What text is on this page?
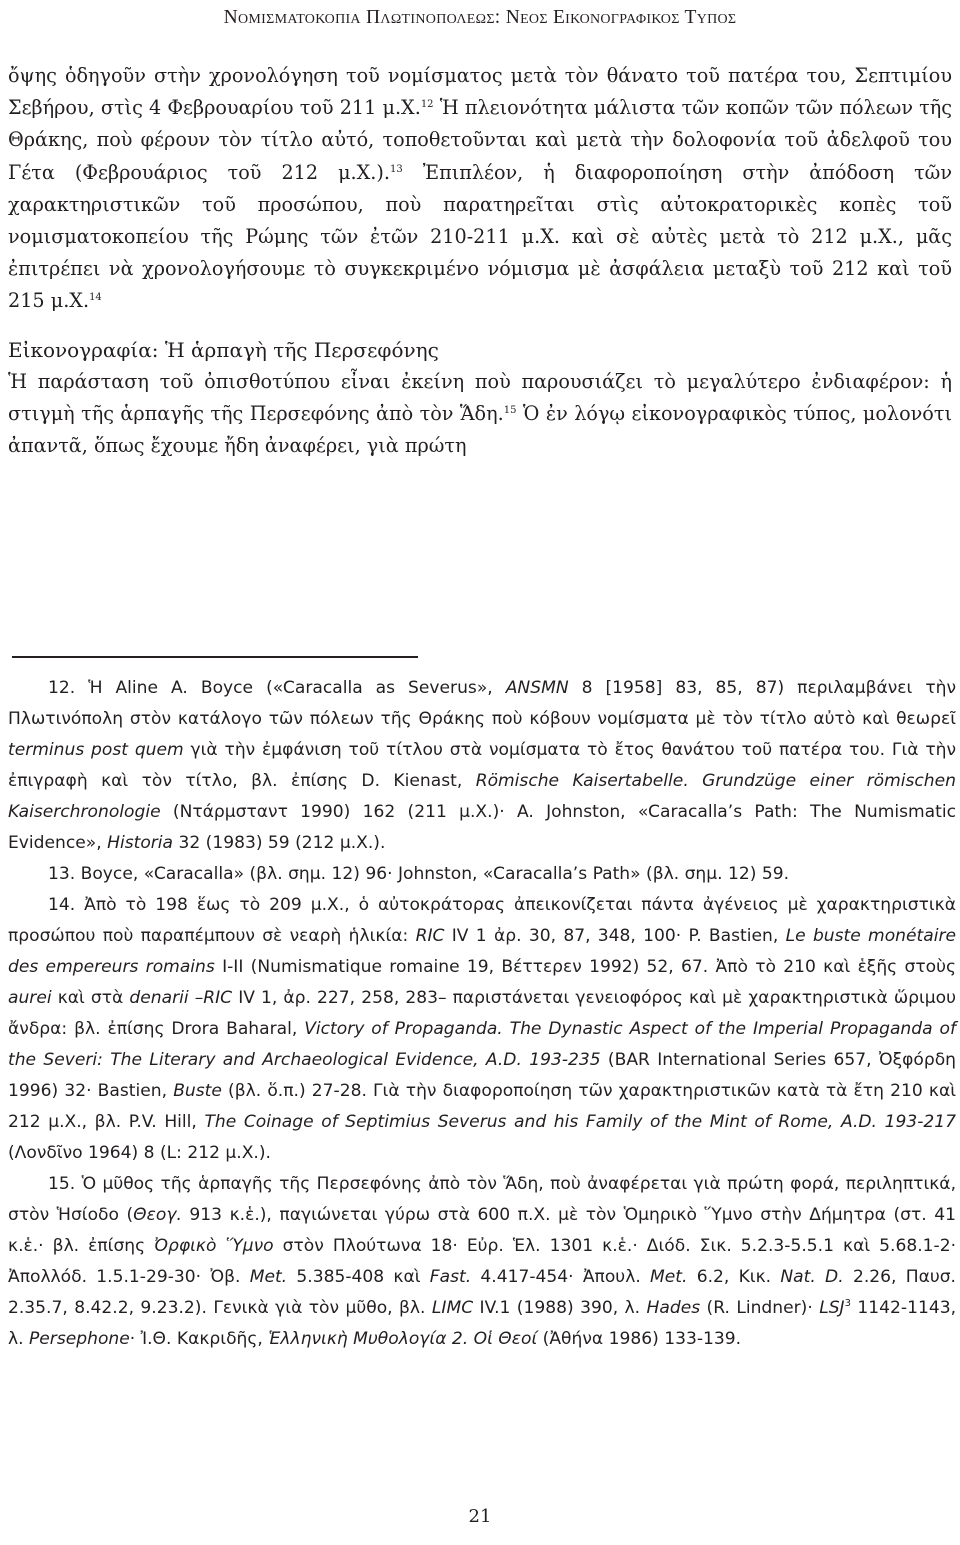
Νομισματοκοπια Πλωτινοπολεως: Νεος Εικονογραφικος Τυπος

ὄψης ὁδηγοῦν στὴν χρονολόγηση τοῦ νομίσματος μετὰ τὸν θάνατο τοῦ πατέρα του, Σεπτιμίου Σεβήρου, στὶς 4 Φεβρουαρίου τοῦ 211 μ.Χ.$^{12}$ Ἡ πλειονότητα μάλιστα τῶν κοπῶν τῶν πόλεων τῆς Θράκης, ποὺ φέρουν τὸν τίτλο αὐτό, τοποθετοῦνται καὶ μετὰ τὴν δολοφονία τοῦ ἀδελφοῦ του Γέτα (Φεβρουάριος τοῦ 212 μ.Χ.).$^{13}$ Ἐπιπλέον, ἡ διαφοροποίηση στὴν ἀπόδοση τῶν χαρακτηριστικῶν τοῦ προσώπου, ποὺ παρατηρεῖται στὶς αὐτοκρατορικὲς κοπὲς τοῦ νομισματοκοπείου τῆς Ρώμης τῶν ἐτῶν 210-211 μ.Χ. καὶ σὲ αὐτὲς μετὰ τὸ 212 μ.Χ., μᾶς ἐπιτρέπει νὰ χρονολογήσουμε τὸ συγκεκριμένο νόμισμα μὲ ἀσφάλεια μεταξὺ τοῦ 212 καὶ τοῦ 215 μ.Χ.$^{14}$

Εἰκονογραφία: Ἡ ἁρπαγὴ τῆς Περσεφόνης

Ἡ παράσταση τοῦ ὀπισθοτύπου εἶναι ἐκείνη ποὺ παρουσιάζει τὸ μεγαλύτερο ἐνδιαφέρον: ἡ στιγμὴ τῆς ἁρπαγῆς τῆς Περσεφόνης ἀπὸ τὸν Ἅδη.$^{15}$ Ὁ ἐν λόγῳ εἰκονογραφικὸς τύπος, μολονότι ἀπαντᾶ, ὅπως ἔχουμε ἤδη ἀναφέρει, γιὰ πρώτη

12. Ἡ Aline A. Boyce («Caracalla as Severus», ANSMN 8 [1958] 83, 85, 87) περιλαμβάνει τὴν Πλωτινόπολη στὸν κατάλογο τῶν πόλεων τῆς Θράκης ποὺ κόβουν νομίσματα μὲ τὸν τίτλο αὐτὸ καὶ θεωρεῖ terminus post quem γιὰ τὴν ἐμφάνιση τοῦ τίτλου στὰ νομίσματα τὸ ἔτος θανάτου τοῦ πατέρα του. Γιὰ τὴν ἐπιγραφὴ καὶ τὸν τίτλο, βλ. ἐπίσης D. Kienast, Römische Kaisertabelle. Grundzüge einer römischen Kaiserchronologie (Ντάρμσταντ 1990) 162 (211 μ.Χ.)· A. Johnston, «Caracalla’s Path: The Numismatic Evidence», Historia 32 (1983) 59 (212 μ.Χ.).

13. Boyce, «Caracalla» (βλ. σημ. 12) 96· Johnston, «Caracalla’s Path» (βλ. σημ. 12) 59.

14. Ἀπὸ τὸ 198 ἕως τὸ 209 μ.Χ., ὁ αὐτοκράτορας ἀπεικονίζεται πάντα ἀγένειος μὲ χαρακτηριστικὰ προσώπου ποὺ παραπέμπουν σὲ νεαρὴ ἡλικία: RIC IV 1 ἀρ. 30, 87, 348, 100· P. Bastien, Le buste monétaire des empereurs romains I-II (Numismatique romaine 19, Βέττερεν 1992) 52, 67. Ἀπὸ τὸ 210 καὶ ἑξῆς στοὺς aurei καὶ στὰ denarii –RIC IV 1, ἀρ. 227, 258, 283– παριστάνεται γενειοφόρος καὶ μὲ χαρακτηριστικὰ ὥριμου ἄνδρα: βλ. ἐπίσης Drora Baharal, Victory of Propaganda. The Dynastic Aspect of the Imperial Propaganda of the Severi: The Literary and Archaeological Evidence, A.D. 193-235 (BAR International Series 657, Ὀξφόρδη 1996) 32· Bastien, Buste (βλ. ὅ.π.) 27-28. Γιὰ τὴν διαφοροποίηση τῶν χαρακτηριστικῶν κατὰ τὰ ἔτη 210 καὶ 212 μ.Χ., βλ. P.V. Hill, The Coinage of Septimius Severus and his Family of the Mint of Rome, A.D. 193-217 (Λονδῖνο 1964) 8 (L: 212 μ.Χ.).

15. Ὁ μῦθος τῆς ἁρπαγῆς τῆς Περσεφόνης ἀπὸ τὸν Ἅδη, ποὺ ἀναφέρεται γιὰ πρώτη φορά, περιληπτικά, στὸν Ἡσίοδο (Θεογ. 913 κ.ἑ.), παγιώνεται γύρω στὰ 600 π.Χ. μὲ τὸν Ὁμηρικὸ Ὕμνο στὴν Δήμητρα (στ. 41 κ.ἑ.· βλ. ἐπίσης Ὀρφικὸ Ὕμνο στὸν Πλούτωνα 18· Εὐρ. Ἑλ. 1301 κ.ἑ.· Διόδ. Σικ. 5.2.3-5.5.1 καὶ 5.68.1-2· Ἀπολλόδ. 1.5.1-29-30· Ὀβ. Met. 5.385-408 καὶ Fast. 4.417-454· Ἀπουλ. Met. 6.2, Κικ. Nat. D. 2.26, Παυσ. 2.35.7, 8.42.2, 9.23.2). Γενικὰ γιὰ τὸν μῦθο, βλ. LIMC IV.1 (1988) 390, λ. Hades (R. Lindner)· $LSJ^3$ 1142-1143, λ. Persephone· Ἰ.Θ. Κακριδῆς, Ἑλληνικὴ Μυθολογία 2. Οἱ Θεοί (Ἀθήνα 1986) 133-139.

21
